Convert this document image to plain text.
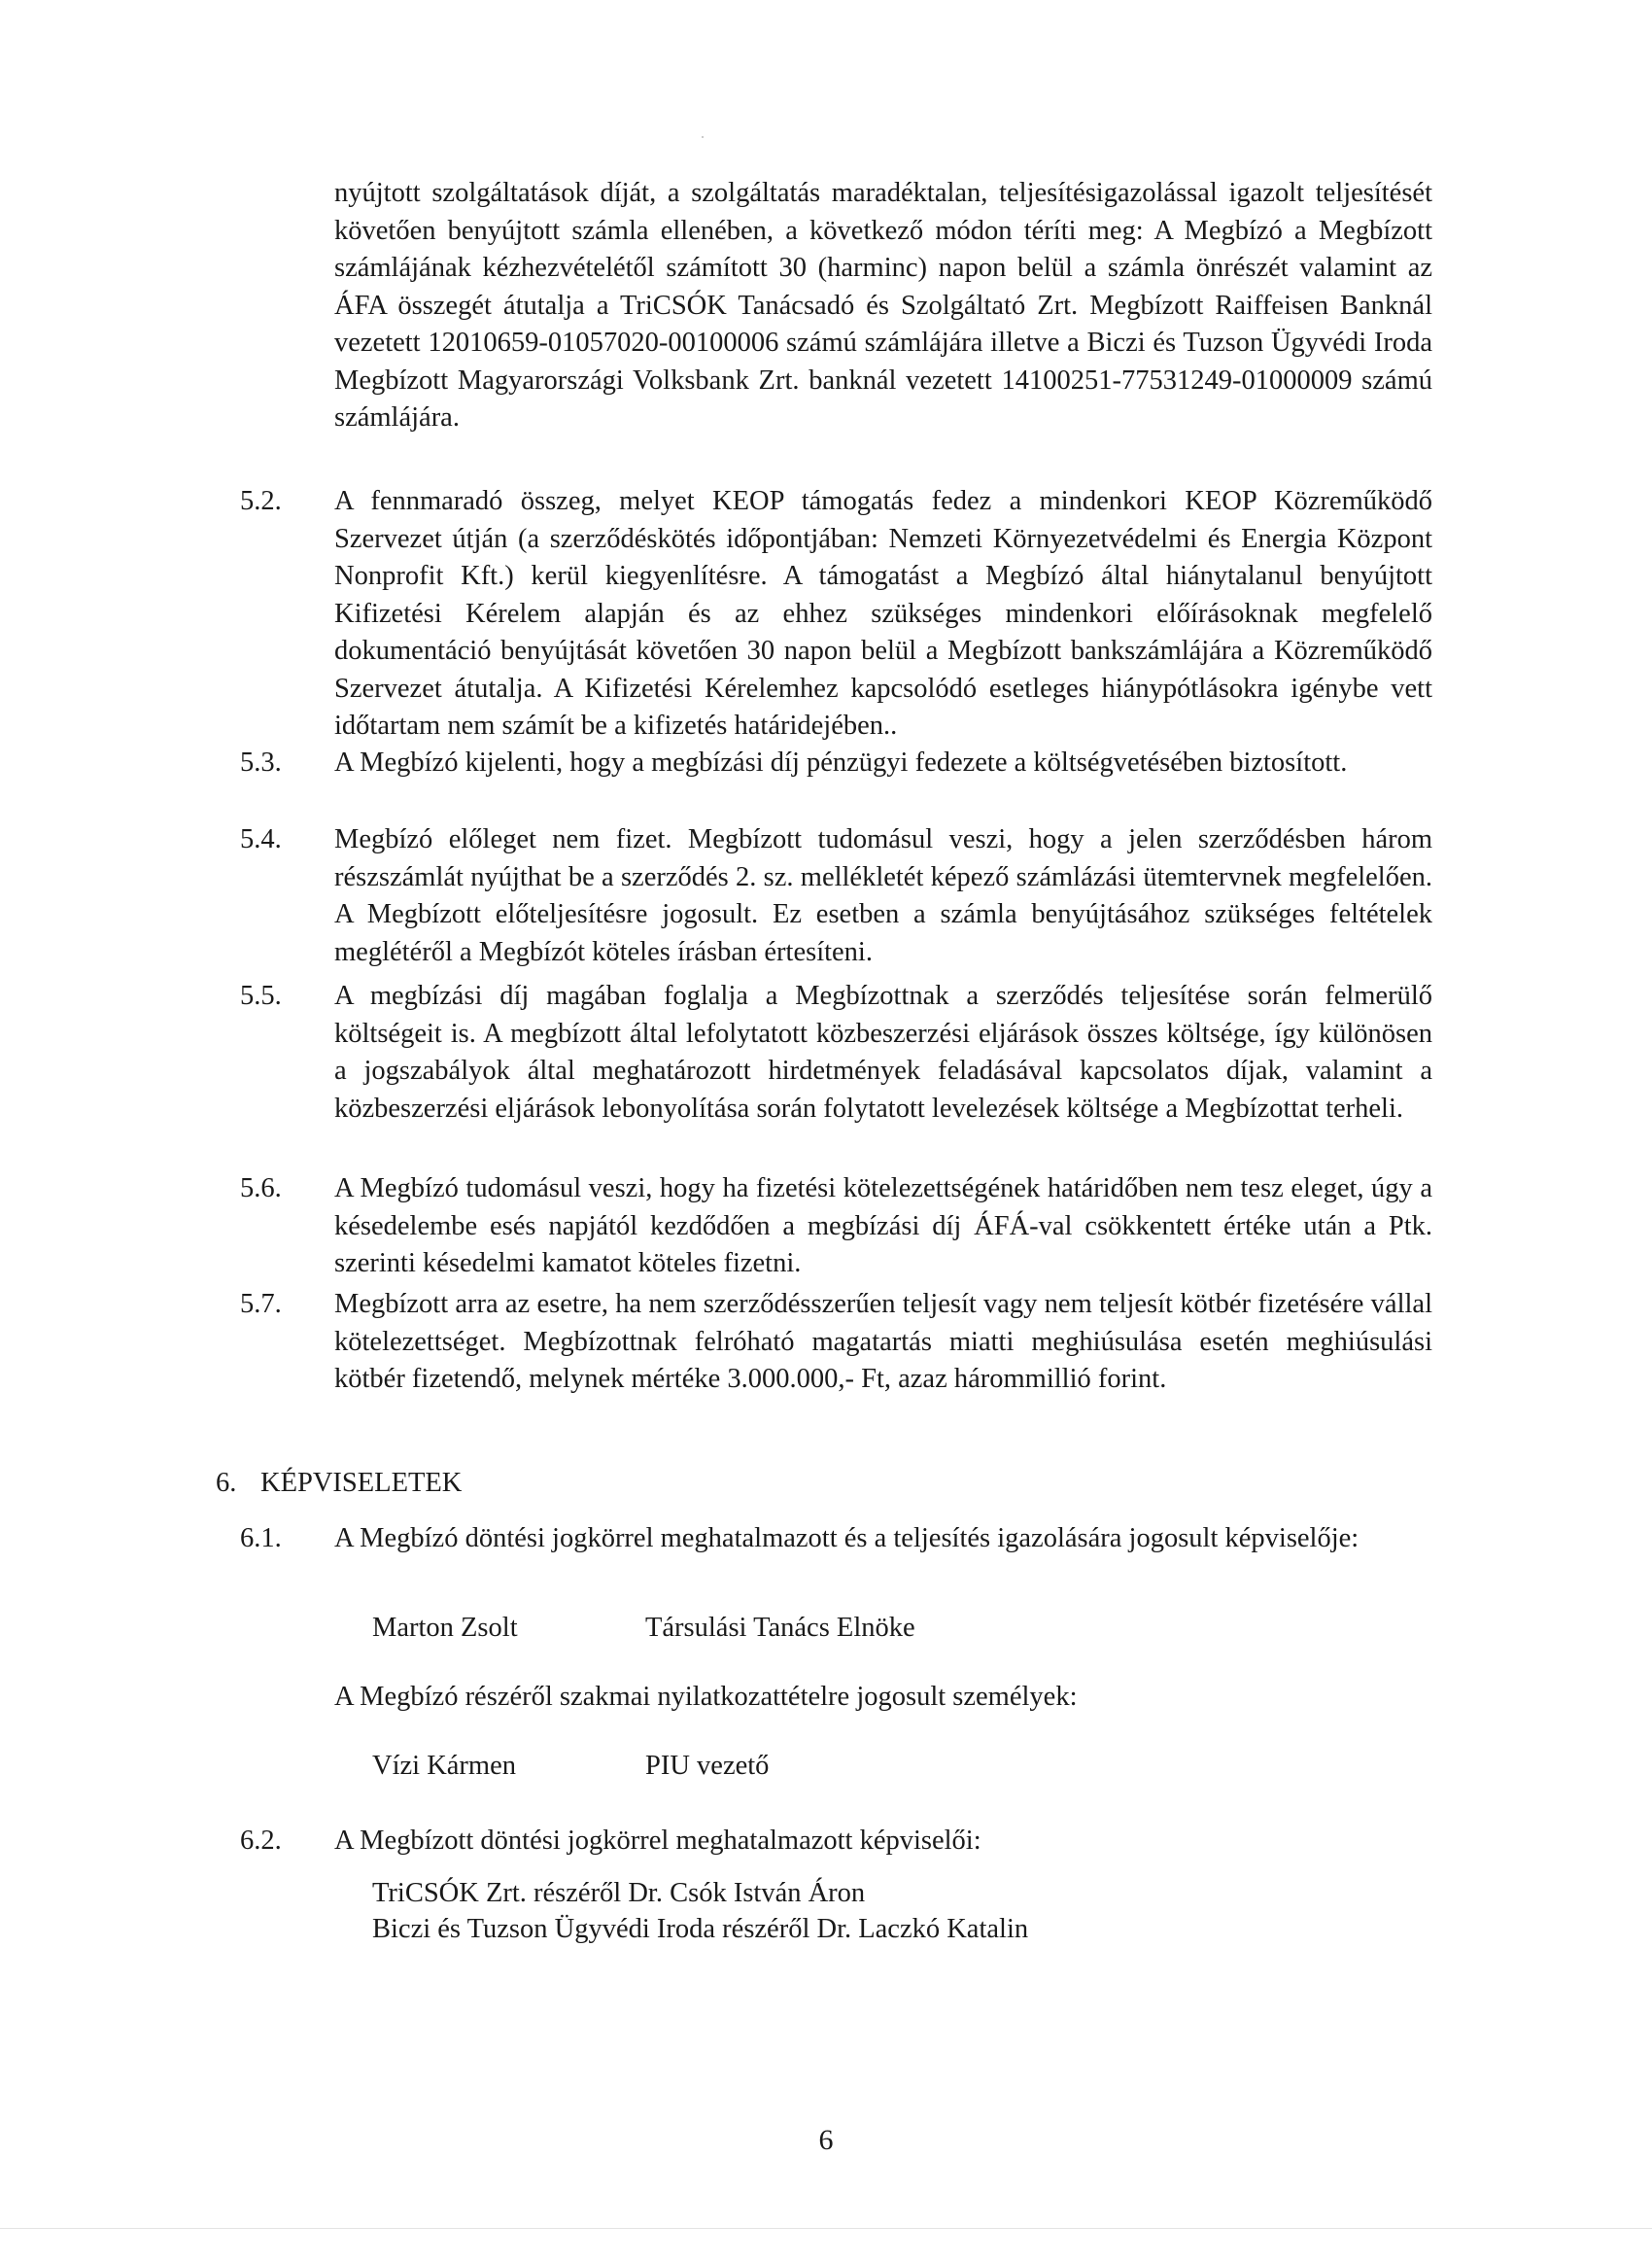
nyújtott szolgáltatások díját, a szolgáltatás maradéktalan, teljesítésigazolással igazolt teljesítését követően benyújtott számla ellenében, a következő módon téríti meg: A Megbízó a Megbízott számlájának kézhezvételétől számított 30 (harminc) napon belül a számla önrészét valamint az ÁFA összegét átutalja a TriCSÓK Tanácsadó és Szolgáltató Zrt. Megbízott Raiffeisen Banknál vezetett 12010659-01057020-00100006 számú számlájára illetve a Biczi és Tuzson Ügyvédi Iroda Megbízott Magyarországi Volksbank Zrt. banknál vezetett 14100251-77531249-01000009 számú számlájára.
5.2. A fennmaradó összeg, melyet KEOP támogatás fedez a mindenkori KEOP Közreműködő Szervezet útján (a szerződéskötés időpontjában: Nemzeti Környezetvédelmi és Energia Központ Nonprofit Kft.) kerül kiegyenlítésre. A támogatást a Megbízó által hiánytalanul benyújtott Kifizetési Kérelem alapján és az ehhez szükséges mindenkori előírásoknak megfelelő dokumentáció benyújtását követően 30 napon belül a Megbízott bankszámlájára a Közreműködő Szervezet átutalja. A Kifizetési Kérelemhez kapcsolódó esetleges hiánypótlásokra igénybe vett időtartam nem számít be a kifizetés határidejében..
5.3. A Megbízó kijelenti, hogy a megbízási díj pénzügyi fedezete a költségvetésében biztosított.
5.4. Megbízó előleget nem fizet. Megbízott tudomásul veszi, hogy a jelen szerződésben három részszámlát nyújthat be a szerződés 2. sz. mellékletét képező számlázási ütemtervnek megfelelően. A Megbízott előteljesítésre jogosult. Ez esetben a számla benyújtásához szükséges feltételek meglétéről a Megbízót köteles írásban értesíteni.
5.5. A megbízási díj magában foglalja a Megbízottnak a szerződés teljesítése során felmerülő költségeit is. A megbízott által lefolytatott közbeszerzési eljárások összes költsége, így különösen a jogszabályok által meghatározott hirdetmények feladásával kapcsolatos díjak, valamint a közbeszerzési eljárások lebonyolítása során folytatott levelezések költsége a Megbízottat terheli.
5.6. A Megbízó tudomásul veszi, hogy ha fizetési kötelezettségének határidőben nem tesz eleget, úgy a késedelembe esés napjától kezdődően a megbízási díj ÁFÁ-val csökkentett értéke után a Ptk. szerinti késedelmi kamatot köteles fizetni.
5.7. Megbízott arra az esetre, ha nem szerződésszerűen teljesít vagy nem teljesít kötbér fizetésére vállal kötelezettséget. Megbízottnak felróható magatartás miatti meghiúsulása esetén meghiúsulási kötbér fizetendő, melynek mértéke 3.000.000,- Ft, azaz hárommillió forint.
6. KÉPVISELETEK
6.1. A Megbízó döntési jogkörrel meghatalmazott és a teljesítés igazolására jogosult képviselője:
Marton Zsolt	Társulási Tanács Elnöke
A Megbízó részéről szakmai nyilatkozattételre jogosult személyek:
Vízi Kármen	PIU vezető
6.2. A Megbízott döntési jogkörrel meghatalmazott képviselői:
TriCSÓK Zrt. részéről Dr. Csók István Áron
Biczi és Tuzson Ügyvédi Iroda részéről Dr. Laczkó Katalin
6
